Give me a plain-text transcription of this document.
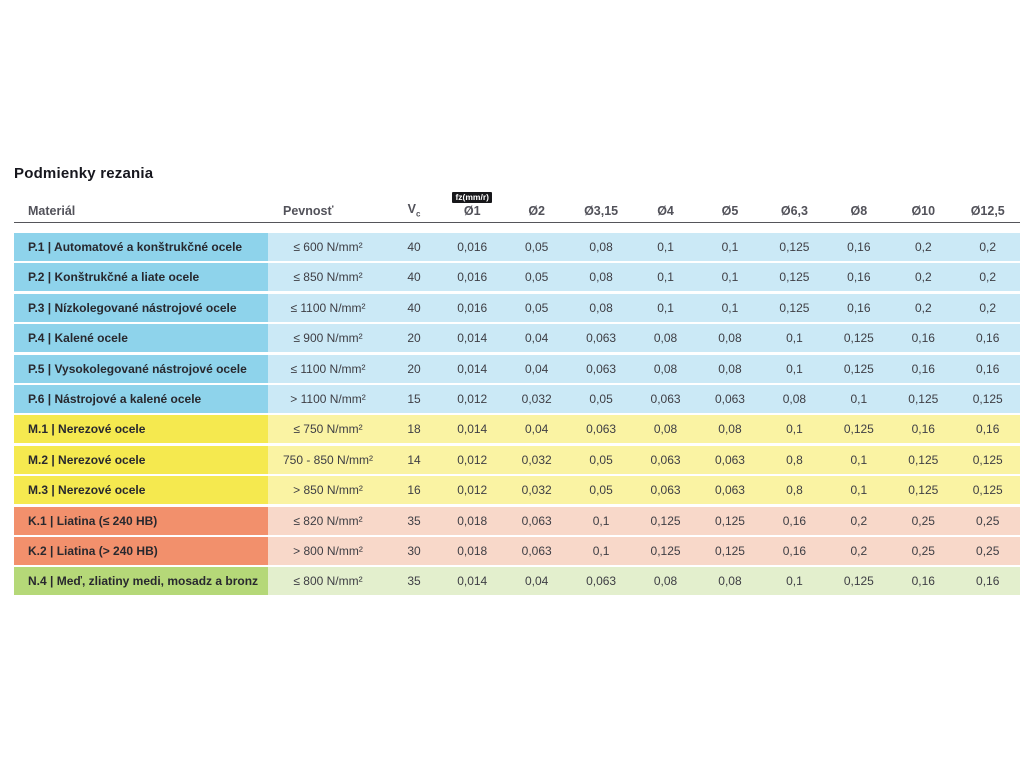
Podmienky rezania
Materiál	Pevnosť	$V_c$
fz(mm/r)
Ø1	Ø2	Ø3,15	Ø4	Ø5	Ø6,3	Ø8	Ø10	Ø12,5
P.1 | Automatové a konštrukčné ocele	≤ 600 N/mm²	40	0,016	0,05	0,08	0,1	0,1	0,125	0,16	0,2	0,2
P.2 | Konštrukčné a liate ocele	≤ 850 N/mm²	40	0,016	0,05	0,08	0,1	0,1	0,125	0,16	0,2	0,2
P.3 | Nízkolegované nástrojové ocele	≤ 1100 N/mm²	40	0,016	0,05	0,08	0,1	0,1	0,125	0,16	0,2	0,2
P.4 | Kalené ocele	≤ 900 N/mm²	20	0,014	0,04	0,063	0,08	0,08	0,1	0,125	0,16	0,16
P.5 | Vysokolegované nástrojové ocele	≤ 1100 N/mm²	20	0,014	0,04	0,063	0,08	0,08	0,1	0,125	0,16	0,16
P.6 | Nástrojové a kalené ocele	> 1100 N/mm²	15	0,012	0,032	0,05	0,063	0,063	0,08	0,1	0,125	0,125
M.1 | Nerezové ocele	≤ 750 N/mm²	18	0,014	0,04	0,063	0,08	0,08	0,1	0,125	0,16	0,16
M.2 | Nerezové ocele	750 - 850 N/mm²	14	0,012	0,032	0,05	0,063	0,063	0,8	0,1	0,125	0,125
M.3 | Nerezové ocele	> 850 N/mm²	16	0,012	0,032	0,05	0,063	0,063	0,8	0,1	0,125	0,125
K.1 | Liatina (≤ 240 HB)	≤ 820 N/mm²	35	0,018	0,063	0,1	0,125	0,125	0,16	0,2	0,25	0,25
K.2 | Liatina (> 240 HB)	> 800 N/mm²	30	0,018	0,063	0,1	0,125	0,125	0,16	0,2	0,25	0,25
N.4 | Meď, zliatiny medi, mosadz a bronz	≤ 800 N/mm²	35	0,014	0,04	0,063	0,08	0,08	0,1	0,125	0,16	0,16
